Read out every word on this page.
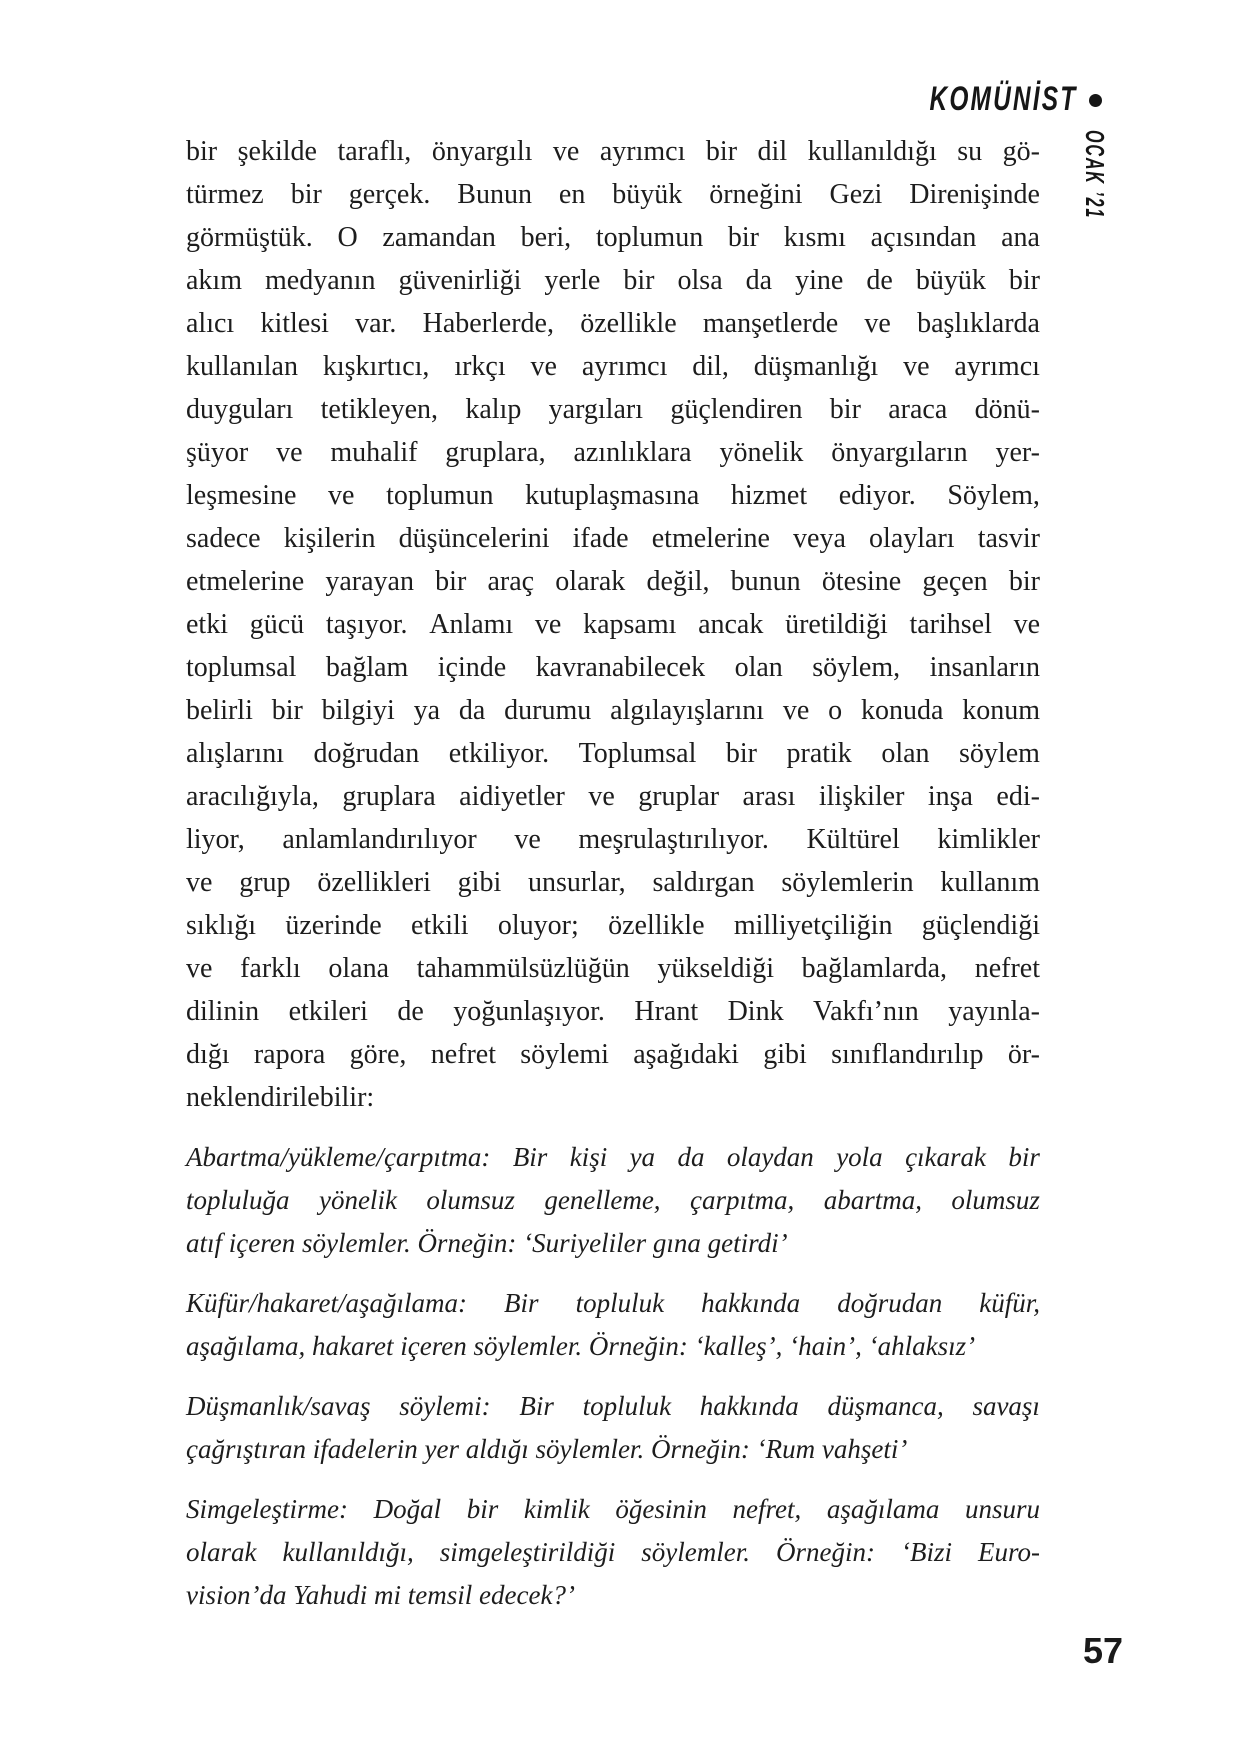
KOMÜNİST
OCAK ’21
bir şekilde taraflı, önyargılı ve ayrımcı bir dil kullanıldığı su gö-
türmez bir gerçek. Bunun en büyük örneğini Gezi Direnişinde
görmüştük. O zamandan beri, toplumun bir kısmı açısından ana
akım medyanın güvenirliği yerle bir olsa da yine de büyük bir
alıcı kitlesi var. Haberlerde, özellikle manşetlerde ve başlıklarda
kullanılan kışkırtıcı, ırkçı ve ayrımcı dil, düşmanlığı ve ayrımcı
duyguları tetikleyen, kalıp yargıları güçlendiren bir araca dönü-
şüyor ve muhalif gruplara, azınlıklara yönelik önyargıların yer-
leşmesine ve toplumun kutuplaşmasına hizmet ediyor. Söylem,
sadece kişilerin düşüncelerini ifade etmelerine veya olayları tasvir
etmelerine yarayan bir araç olarak değil, bunun ötesine geçen bir
etki gücü taşıyor. Anlamı ve kapsamı ancak üretildiği tarihsel ve
toplumsal bağlam içinde kavranabilecek olan söylem, insanların
belirli bir bilgiyi ya da durumu algılayışlarını ve o konuda konum
alışlarını doğrudan etkiliyor. Toplumsal bir pratik olan söylem
aracılığıyla, gruplara aidiyetler ve gruplar arası ilişkiler inşa edi-
liyor, anlamlandırılıyor ve meşrulaştırılıyor. Kültürel kimlikler
ve grup özellikleri gibi unsurlar, saldırgan söylemlerin kullanım
sıklığı üzerinde etkili oluyor; özellikle milliyetçiliğin güçlendiği
ve farklı olana tahammülsüzlüğün yükseldiği bağlamlarda, nefret
dilinin etkileri de yoğunlaşıyor. Hrant Dink Vakfı’nın yayınla-
dığı rapora göre, nefret söylemi aşağıdaki gibi sınıflandırılıp ör-
neklendirilebilir:
Abartma/yükleme/çarpıtma: Bir kişi ya da olaydan yola çıkarak bir
topluluğa yönelik olumsuz genelleme, çarpıtma, abartma, olumsuz
atıf içeren söylemler. Örneğin: ‘Suriyeliler gına getirdi’
Küfür/hakaret/aşağılama: Bir topluluk hakkında doğrudan küfür,
aşağılama, hakaret içeren söylemler. Örneğin: ‘kalleş’, ‘hain’, ‘ahlaksız’
Düşmanlık/savaş söylemi: Bir topluluk hakkında düşmanca, savaşı
çağrıştıran ifadelerin yer aldığı söylemler. Örneğin: ‘Rum vahşeti’
Simgeleştirme: Doğal bir kimlik öğesinin nefret, aşağılama unsuru
olarak kullanıldığı, simgeleştirildiği söylemler. Örneğin: ‘Bizi Euro-
vision’da Yahudi mi temsil edecek?’
57
